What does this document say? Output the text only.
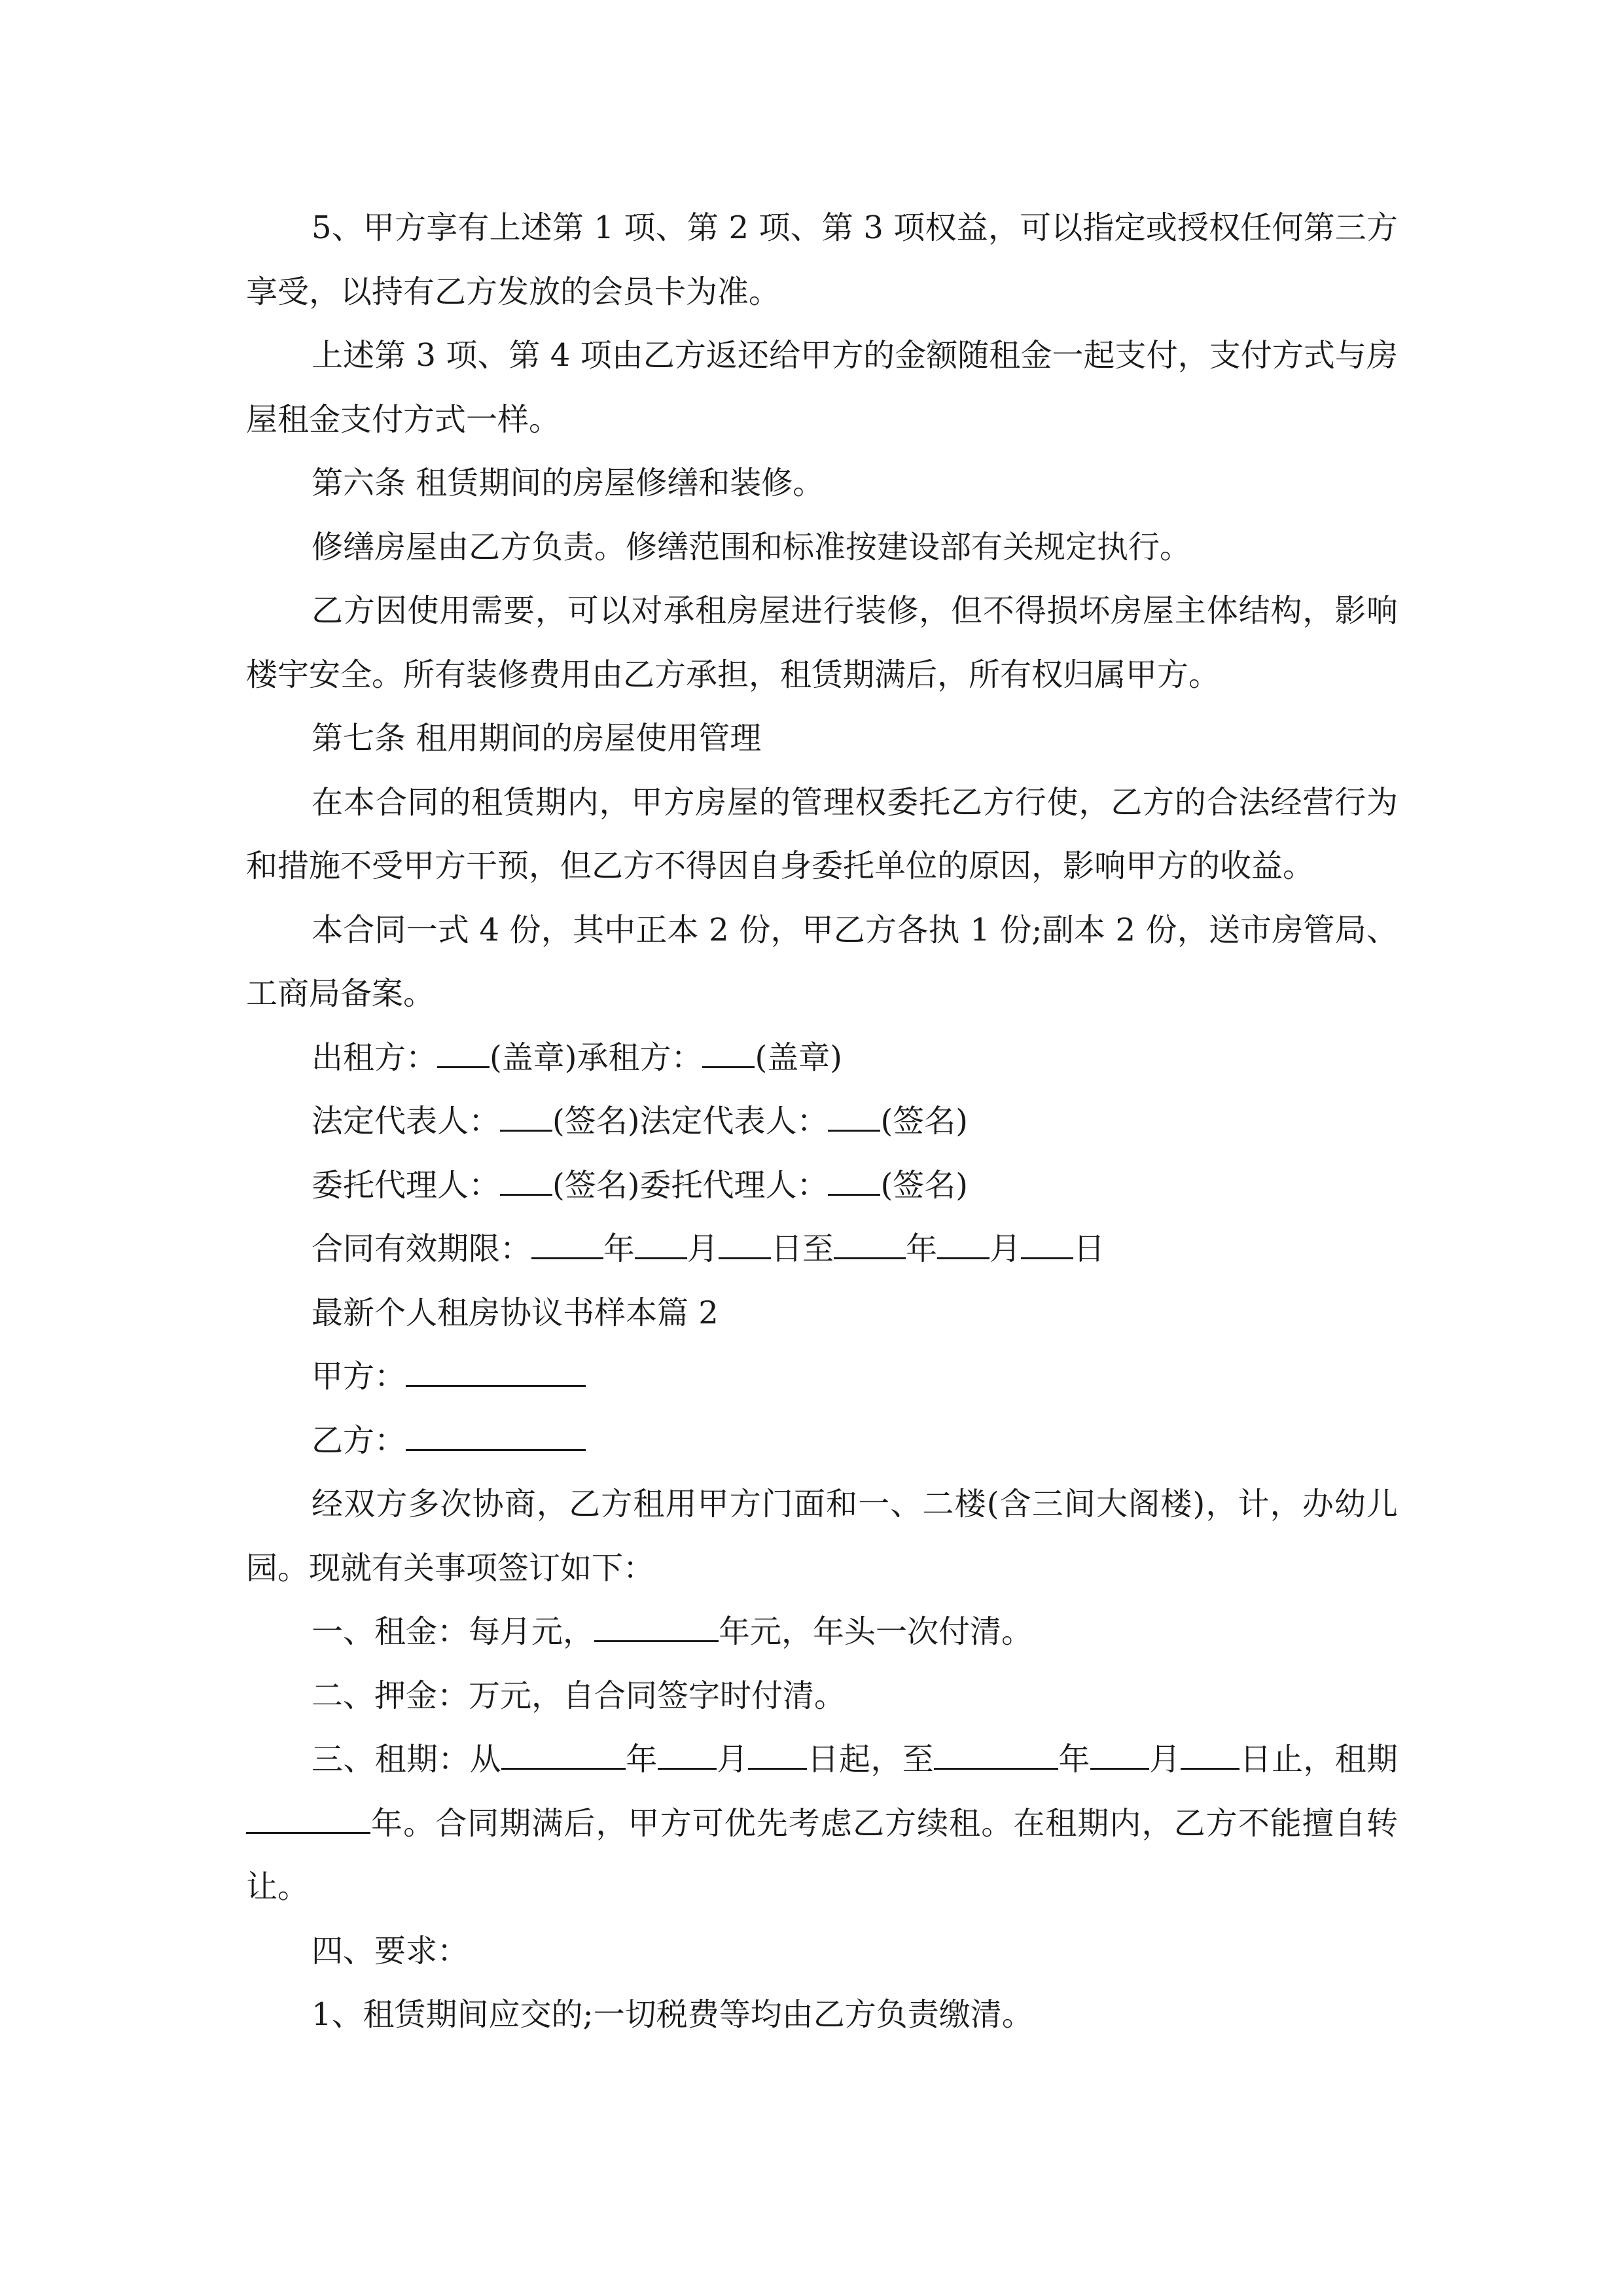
5、甲方享有上述第 1 项、第 2 项、第 3 项权益，可以指定或授权任何第三方享受，以持有乙方发放的会员卡为准。

上述第 3 项、第 4 项由乙方返还给甲方的金额随租金一起支付，支付方式与房屋租金支付方式一样。

第六条 租赁期间的房屋修缮和装修。

修缮房屋由乙方负责。修缮范围和标准按建设部有关规定执行。

乙方因使用需要，可以对承租房屋进行装修，但不得损坏房屋主体结构，影响楼宇安全。所有装修费用由乙方承担，租赁期满后，所有权归属甲方。

第七条 租用期间的房屋使用管理

在本合同的租赁期内，甲方房屋的管理权委托乙方行使，乙方的合法经营行为和措施不受甲方干预，但乙方不得因自身委托单位的原因，影响甲方的收益。

本合同一式 4 份，其中正本 2 份，甲乙方各执 1 份;副本 2 份，送市房管局、工商局备案。

出租方： (盖章)承租方： (盖章)

法定代表人： (签名)法定代表人： (签名)

委托代理人： (签名)委托代理人： (签名)

合同有效期限： 年 月 日至 年 月 日

最新个人租房协议书样本篇 2

甲方：

乙方：

经双方多次协商，乙方租用甲方门面和一、二楼(含三间大阁楼)，计，办幼儿园。现就有关事项签订如下：

一、租金：每月元，	年元，年头一次付清。

二、押金：万元，自合同签字时付清。

三、租期：从	年 月 日起，至	年 月 日止，租期年。合同期满后，甲方可优先考虑乙方续租。在租期内，乙方不能擅自转让。

四、要求：

1、租赁期间应交的;一切税费等均由乙方负责缴清。
